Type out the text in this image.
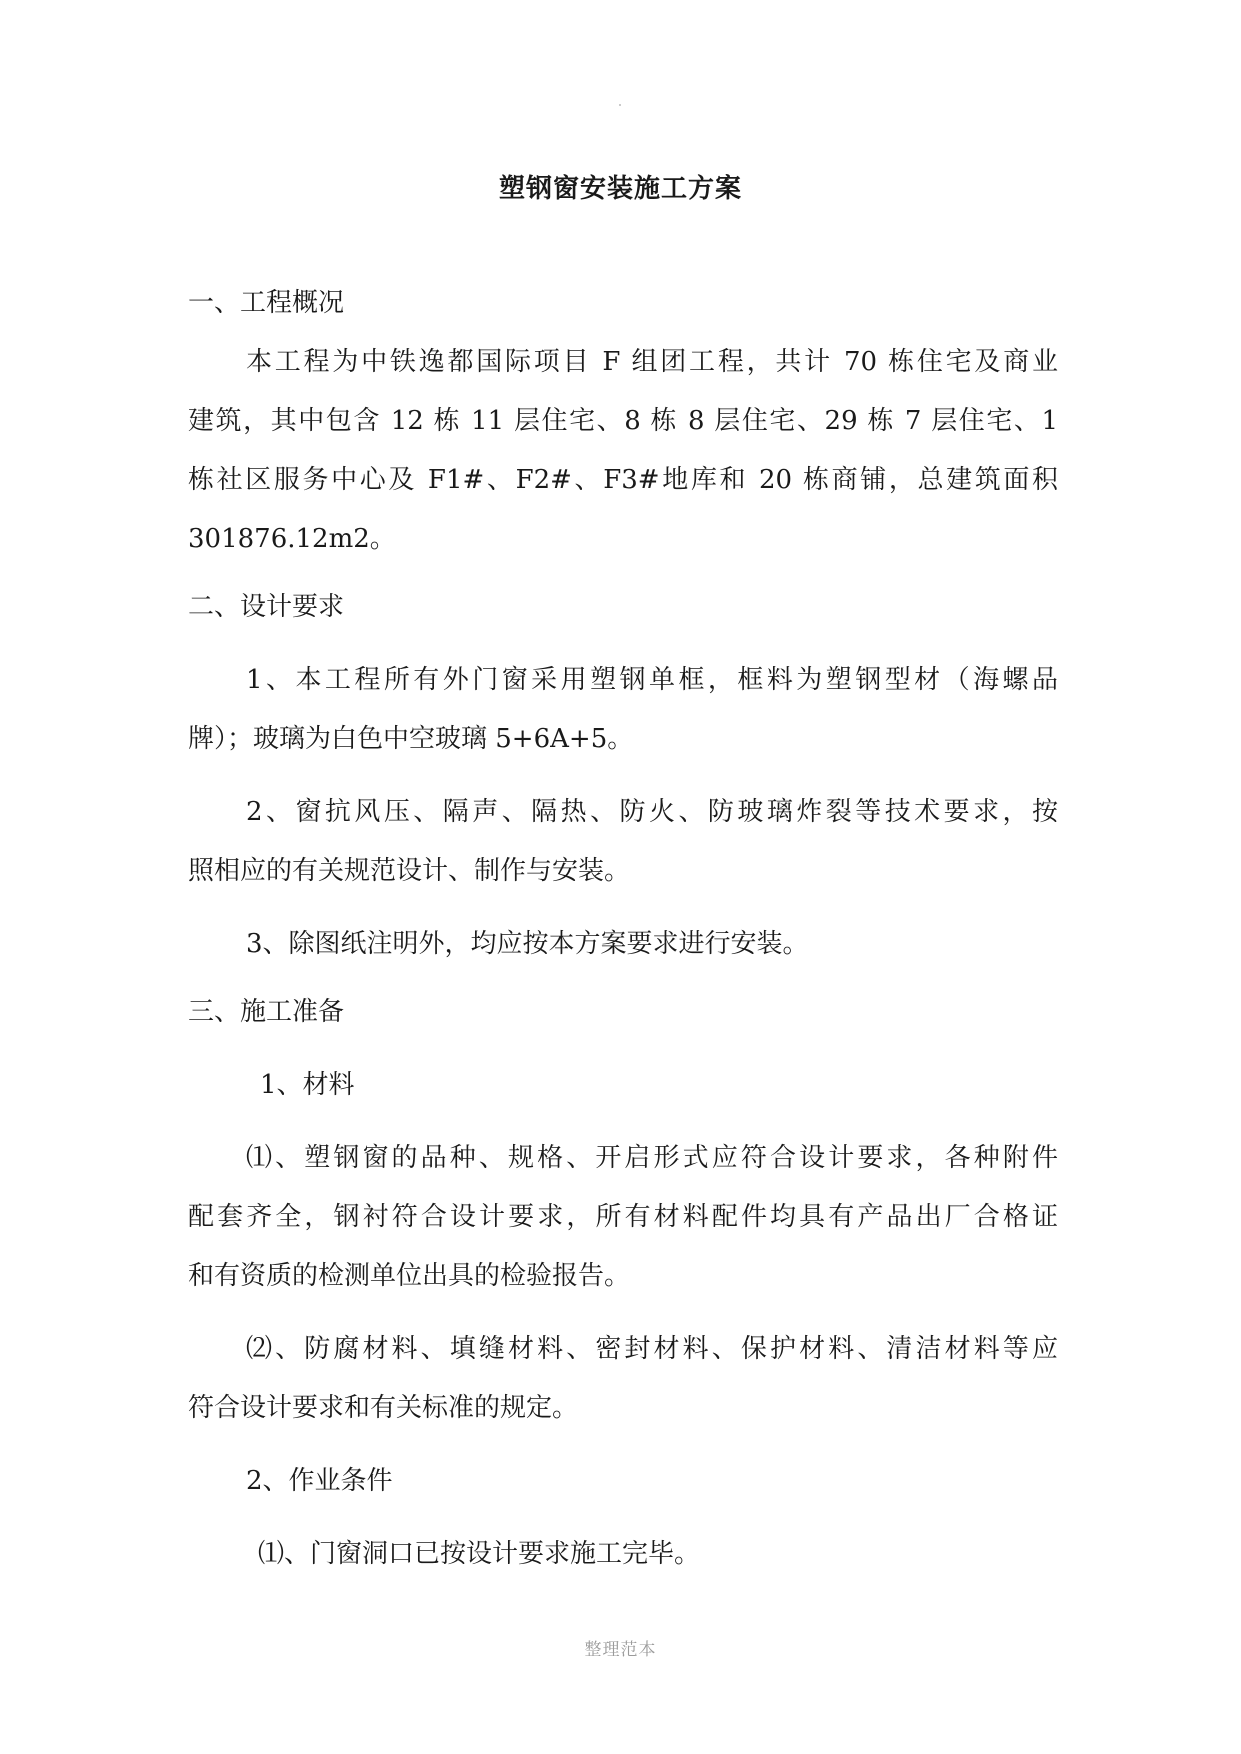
塑钢窗安装施工方案
一、工程概况
本工程为中铁逸都国际项目 F 组团工程，共计 70 栋住宅及商业
建筑，其中包含 12 栋 11 层住宅、8 栋 8 层住宅、29 栋 7 层住宅、1
栋社区服务中心及 F1#、F2#、F3#地库和 20 栋商铺，总建筑面积
301876.12m2。
二、设计要求
1、本工程所有外门窗采用塑钢单框，框料为塑钢型材（海螺品
牌）；玻璃为白色中空玻璃 5+6A+5。
2、窗抗风压、隔声、隔热、防火、防玻璃炸裂等技术要求，按
照相应的有关规范设计、制作与安装。
3、除图纸注明外，均应按本方案要求进行安装。
三、施工准备
1、材料
⑴、塑钢窗的品种、规格、开启形式应符合设计要求，各种附件
配套齐全，钢衬符合设计要求，所有材料配件均具有产品出厂合格证
和有资质的检测单位出具的检验报告。
⑵、防腐材料、填缝材料、密封材料、保护材料、清洁材料等应
符合设计要求和有关标准的规定。
2、作业条件
⑴、门窗洞口已按设计要求施工完毕。
整理范本
